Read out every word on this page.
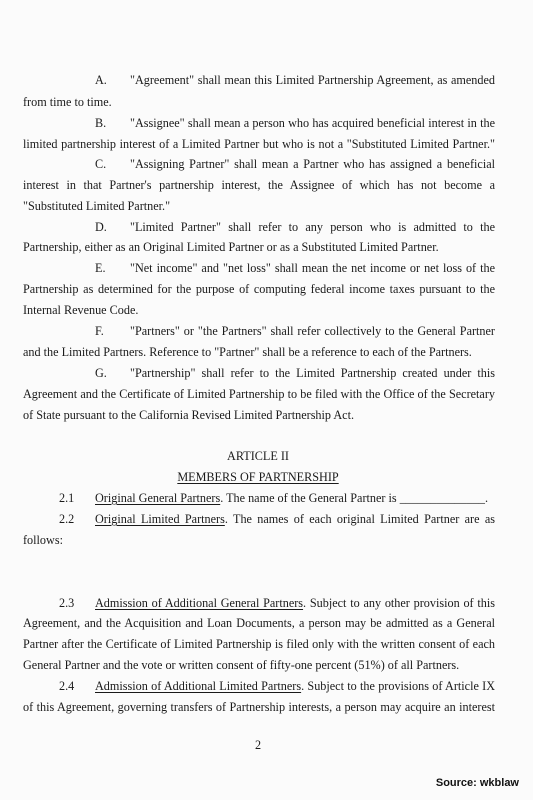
A. "Agreement" shall mean this Limited Partnership Agreement, as amended
from time to time.
B. "Assignee" shall mean a person who has acquired beneficial interest in the
limited partnership interest of a Limited Partner but who is not a "Substituted Limited Partner."
C. "Assigning Partner" shall mean a Partner who has assigned a beneficial
interest in that Partner's partnership interest, the Assignee of which has not become a
"Substituted Limited Partner."
D. "Limited Partner" shall refer to any person who is admitted to the
Partnership, either as an Original Limited Partner or as a Substituted Limited Partner.
E. "Net income" and "net loss" shall mean the net income or net loss of the
Partnership as determined for the purpose of computing federal income taxes pursuant to the
Internal Revenue Code.
F. "Partners" or "the Partners" shall refer collectively to the General Partner
and the Limited Partners. Reference to "Partner" shall be a reference to each of the Partners.
G. "Partnership" shall refer to the Limited Partnership created under this
Agreement and the Certificate of Limited Partnership to be filed with the Office of the Secretary
of State pursuant to the California Revised Limited Partnership Act.
ARTICLE II
MEMBERS OF PARTNERSHIP
2.1 Original General Partners. The name of the General Partner is ______________.
2.2 Original Limited Partners. The names of each original Limited Partner are as
follows:
2.3 Admission of Additional General Partners. Subject to any other provision of this
Agreement, and the Acquisition and Loan Documents, a person may be admitted as a General
Partner after the Certificate of Limited Partnership is filed only with the written consent of each
General Partner and the vote or written consent of fifty-one percent (51%) of all Partners.
2.4 Admission of Additional Limited Partners. Subject to the provisions of Article IX
of this Agreement, governing transfers of Partnership interests, a person may acquire an interest
2
Source: wkblaw
